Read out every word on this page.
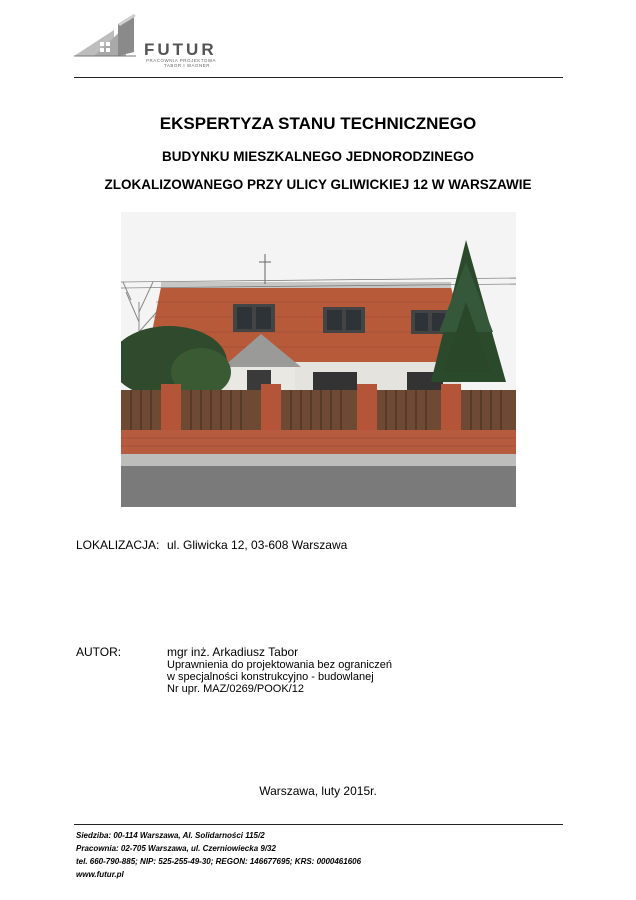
FUTUR
PRACOWNIA PROJEKTOWA
TABOR I WAGNER
EKSPERTYZA STANU TECHNICZNEGO
BUDYNKU MIESZKALNEGO JEDNORODZINEGO
ZLOKALIZOWANEGO PRZY ULICY GLIWICKIEJ 12 W WARSZAWIE
LOKALIZACJA: ul. Gliwicka 12, 03-608 Warszawa
AUTOR:	mgr inż. Arkadiusz Tabor
Uprawnienia do projektowania bez ograniczeń
w specjalności konstrukcyjno - budowlanej
Nr upr. MAZ/0269/POOK/12
Warszawa, luty 2015r.
Siedziba: 00-114 Warszawa, Al. Solidarności 115/2
Pracownia: 02-705 Warszawa, ul. Czerniowiecka 9/32
tel. 660-790-885; NIP: 525-255-49-30; REGON: 146677695; KRS: 0000461606
www.futur.pl
